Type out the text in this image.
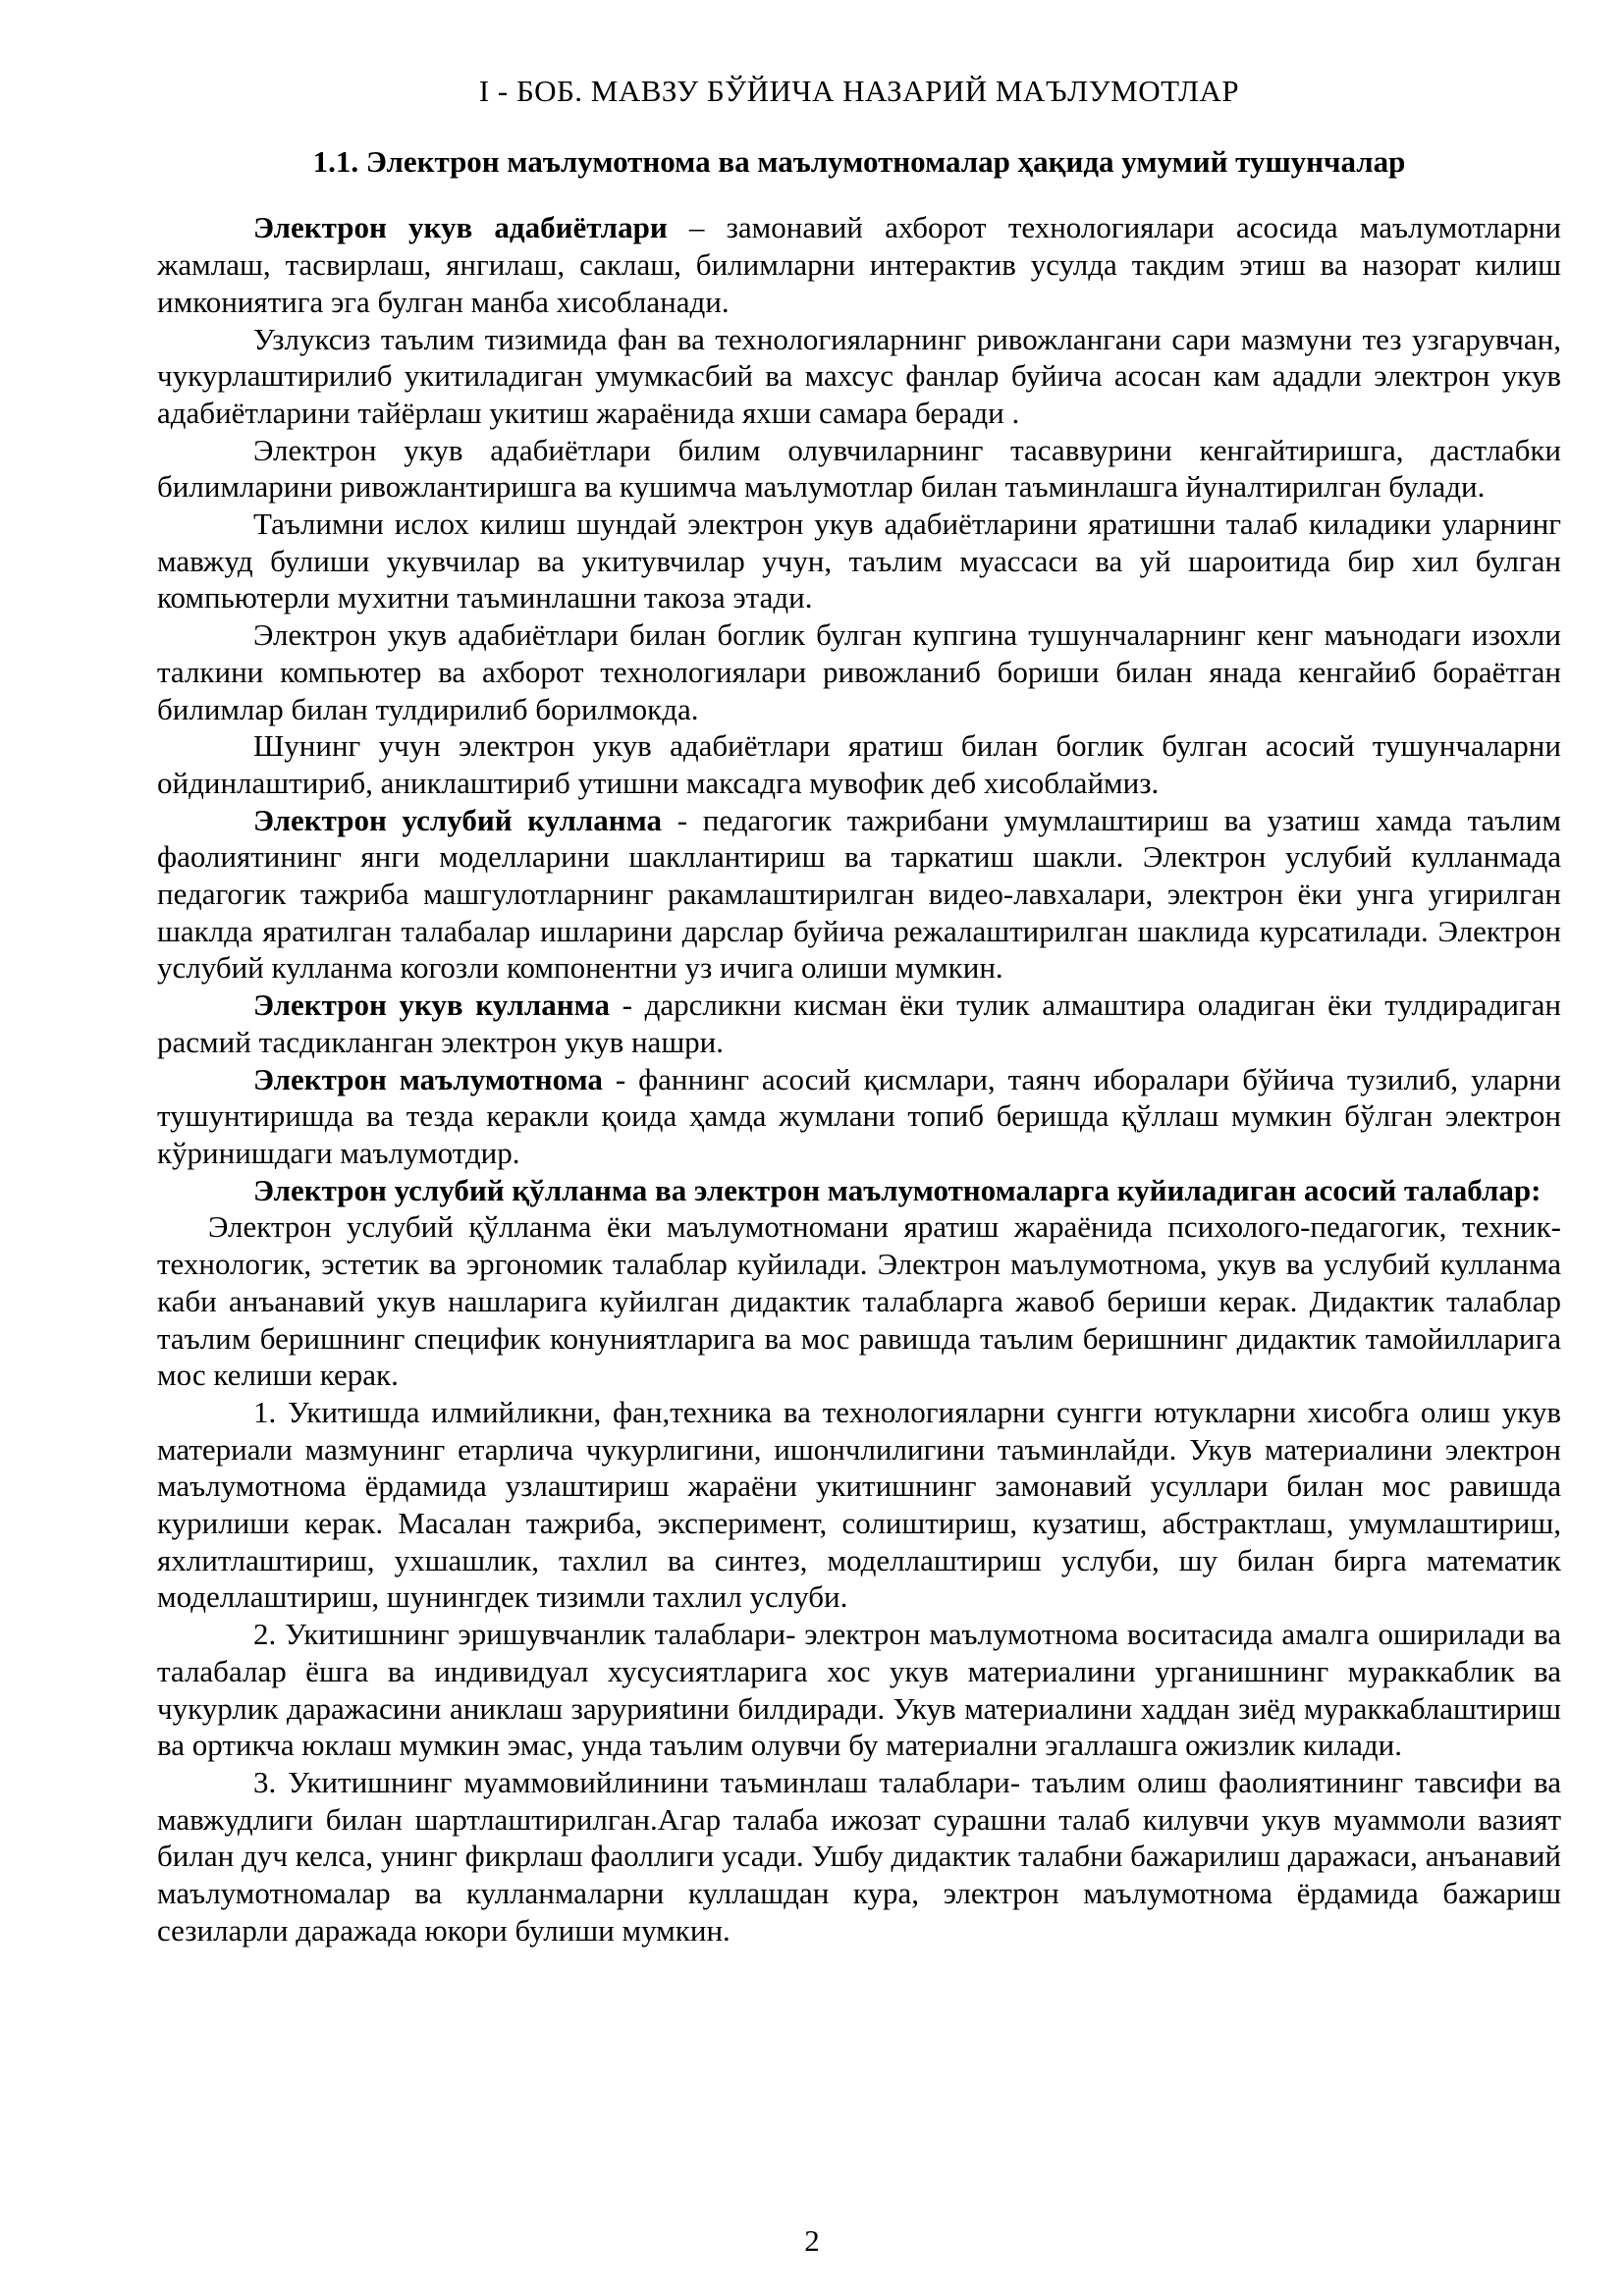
I - БОБ. МАВЗУ БЎЙИЧА НАЗАРИЙ МАЪЛУМОТЛАР
1.1. Электрон маълумотнома ва маълумотномалар ҳақида умумий тушунчалар

Электрон укув адабиётлари – замонавий ахборот технологиялари асосида маълумотларни жамлаш, тасвирлаш, янгилаш, саклаш, билимларни интерактив усулда такдим этиш ва назорат килиш имкониятига эга булган манба хисобланади.

Узлуксиз таълим тизимида фан ва технологияларнинг ривожлангани сари мазмуни тез узгарувчан, чукурлаштирилиб укитиладиган умумкасбий ва махсус фанлар буйича асосан кам ададли электрон укув адабиётларини тайёрлаш укитиш жараёнида яхши самара беради .

Электрон укув адабиётлари билим олувчиларнинг тасаввурини кенгайтиришга, дастлабки билимларини ривожлантиришга ва кушимча маълумотлар билан таъминлашга йуналтирилган булади.

Таълимни ислох килиш шундай электрон укув адабиётларини яратишни талаб киладики уларнинг мавжуд булиши укувчилар ва укитувчилар учун, таълим муассаси ва уй шароитида бир хил булган компьютерли мухитни таъминлашни такоза этади.

Электрон укув адабиётлари билан боглик булган купгина тушунчаларнинг кенг маънодаги изохли талкини компьютер ва ахборот технологиялари ривожланиб бориши билан янада кенгайиб бораётган билимлар билан тулдирилиб борилмокда.

Шунинг учун электрон укув адабиётлари яратиш билан боглик булган асосий тушунчаларни ойдинлаштириб, аниклаштириб утишни максадга мувофик деб хисоблаймиз.

Электрон услубий кулланма - педагогик тажрибани умумлаштириш ва узатиш хамда таълим фаолиятининг янги моделларини шакллантириш ва таркатиш шакли. Электрон услубий кулланмада педагогик тажриба машгулотларнинг ракамлаштирилган видео-лавхалари, электрон ёки унга угирилган шаклда яратилган талабалар ишларини дарслар буйича режалаштирилган шаклида курсатилади. Электрон услубий кулланма когозли компонентни уз ичига олиши мумкин.

Электрон укув кулланма - дарсликни кисман ёки тулик алмаштира оладиган ёки тулдирадиган расмий тасдикланган электрон укув нашри.

Электрон маълумотнома - фаннинг асосий қисмлари, таянч иборалари бўйича тузилиб, уларни тушунтиришда ва тезда керакли қоида ҳамда жумлани топиб беришда қўллаш мумкин бўлган электрон кўринишдаги маълумотдир.

Электрон услубий қўлланма ва электрон маълумотномаларга куйиладиган асосий талаблар:

Электрон услубий қўлланма ёки маълумотномани яратиш жараёнида психолого-педагогик, техник-технологик, эстетик ва эргономик талаблар куйилади. Электрон маълумотнома, укув ва услубий кулланма каби анъанавий укув нашларига куйилган дидактик талабларга жавоб бериши керак. Дидактик талаблар таълим беришнинг специфик конуниятларига ва мос равишда таълим беришнинг дидактик тамойилларига мос келиши керак.

1. Укитишда илмийликни, фан,техника ва технологияларни сунгги ютукларни хисобга олиш укув материали мазмунинг етарлича чукурлигини, ишончлилигини таъминлайди. Укув материалини электрон маълумотнома ёрдамида узлаштириш жараёни укитишнинг замонавий усуллари билан мос равишда курилиши керак. Масалан тажриба, эксперимент, солиштириш, кузатиш, абстрактлаш, умумлаштириш, яхлитлаштириш, ухшашлик, тахлил ва синтез, моделлаштириш услуби, шу билан бирга математик моделлаштириш, шунингдек тизимли тахлил услуби.

2. Укитишнинг эришувчанлик талаблари- электрон маълумотнома воситасида амалга оширилади ва талабалар ёшга ва индивидуал хусусиятларига хос укув материалини урганишнинг мураккаблик ва чукурлик даражасини аниклаш зарурияtини билдиради. Укув материалини хаддан зиёд мураккаблаштириш ва ортикча юклаш мумкин эмас, унда таълим олувчи бу материални эгаллашга ожизлик килади.

3. Укитишнинг муаммовийлинини таъминлаш талаблари- таълим олиш фаолиятининг тавсифи ва мавжудлиги билан шартлаштирилган.Агар талаба ижозат сурашни талаб килувчи укув муаммоли вазият билан дуч келса, унинг фикрлаш фаоллиги усади. Ушбу дидактик талабни бажарилиш даражаси, анъанавий маълумотномалар ва кулланмаларни куллашдан кура, электрон маълумотнома ёрдамида бажариш сезиларли даражада юкори булиши мумкин.

2
